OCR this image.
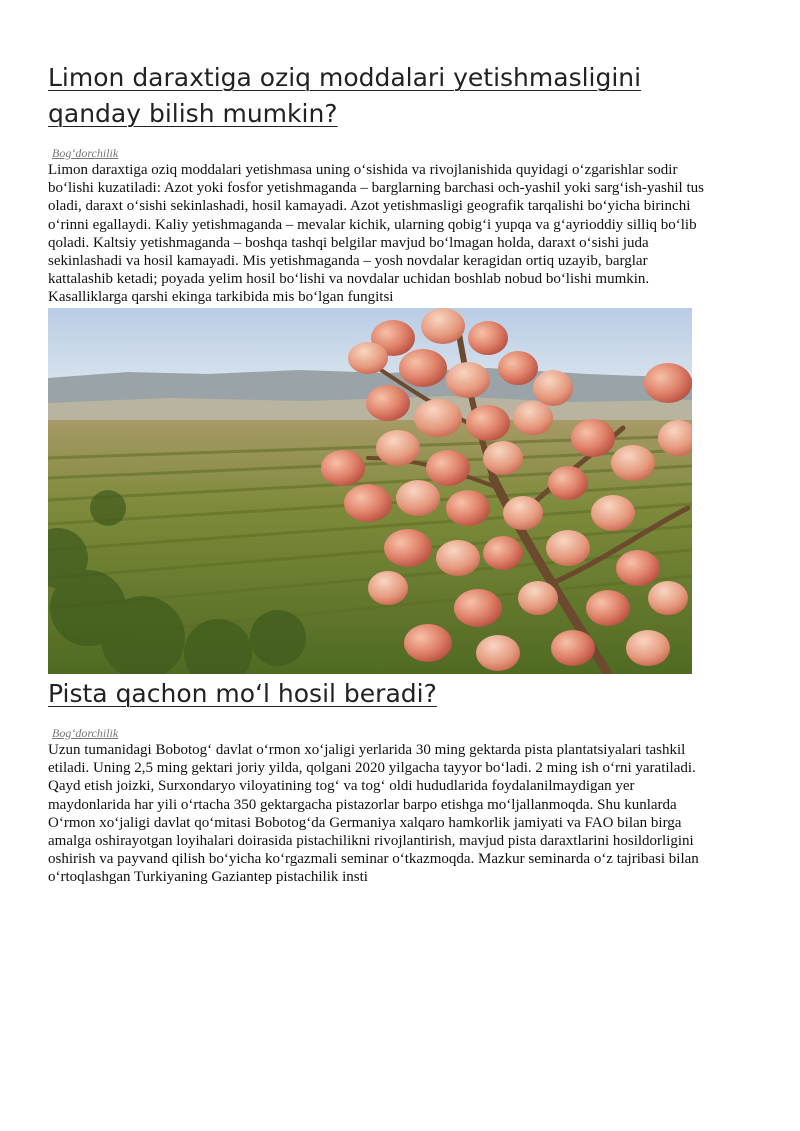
Limon daraxtiga oziq moddalari yetishmasligini qanday bilish mumkin?
Bog‘dorchilik

Limon daraxtiga oziq moddalari yetishmasa uning o‘sishida va rivojlanishida quyidagi o‘zgarishlar sodir bo‘lishi kuzatiladi: Azot yoki fosfor yetishmaganda – barglarning barchasi och-yashil yoki sarg‘ish-yashil tus oladi, daraxt o‘sishi sekinlashadi, hosil kamayadi. Azot yetishmasligi geografik tarqalishi bo‘yicha birinchi o‘rinni egallaydi. Kaliy yetishmaganda – mevalar kichik, ularning qobig‘i yupqa va g‘ayrioddiy silliq bo‘lib qoladi. Kaltsiy yetishmaganda – boshqa tashqi belgilar mavjud bo‘lmagan holda, daraxt o‘sishi juda sekinlashadi va hosil kamayadi. Mis yetishmaganda – yosh novdalar keragidan ortiq uzayib, barglar kattalashib ketadi; poyada yelim hosil bo‘lishi va novdalar uchidan boshlab nobud bo‘lishi mumkin. Kasalliklarga qarshi ekinga tarkibida mis bo‘lgan fungitsi

Pista qachon mo‘l hosil beradi?
Bog‘dorchilik

Uzun tumanidagi Bobotog‘ davlat o‘rmon xo‘jaligi yerlarida 30 ming gektarda pista plantatsiyalari tashkil etiladi. Uning 2,5 ming gektari joriy yilda, qolgani 2020 yilgacha tayyor bo‘ladi. 2 ming ish o‘rni yaratiladi. Qayd etish joizki, Surxondaryo viloyatining tog‘ va tog‘ oldi hududlarida foydalanilmaydigan yer maydonlarida har yili o‘rtacha 350 gektargacha pistazorlar barpo etishga mo‘ljallanmoqda. Shu kunlarda O‘rmon xo‘jaligi davlat qo‘mitasi Bobotog‘da Germaniya xalqaro hamkorlik jamiyati va FAO bilan birga amalga oshirayotgan loyihalari doirasida pistachilikni rivojlantirish, mavjud pista daraxtlarini hosildorligini oshirish va payvand qilish bo‘yicha ko‘rgazmali seminar o‘tkazmoqda. Mazkur seminarda o‘z tajribasi bilan o‘rtoqlashgan Turkiyaning Gaziantep pistachilik insti
